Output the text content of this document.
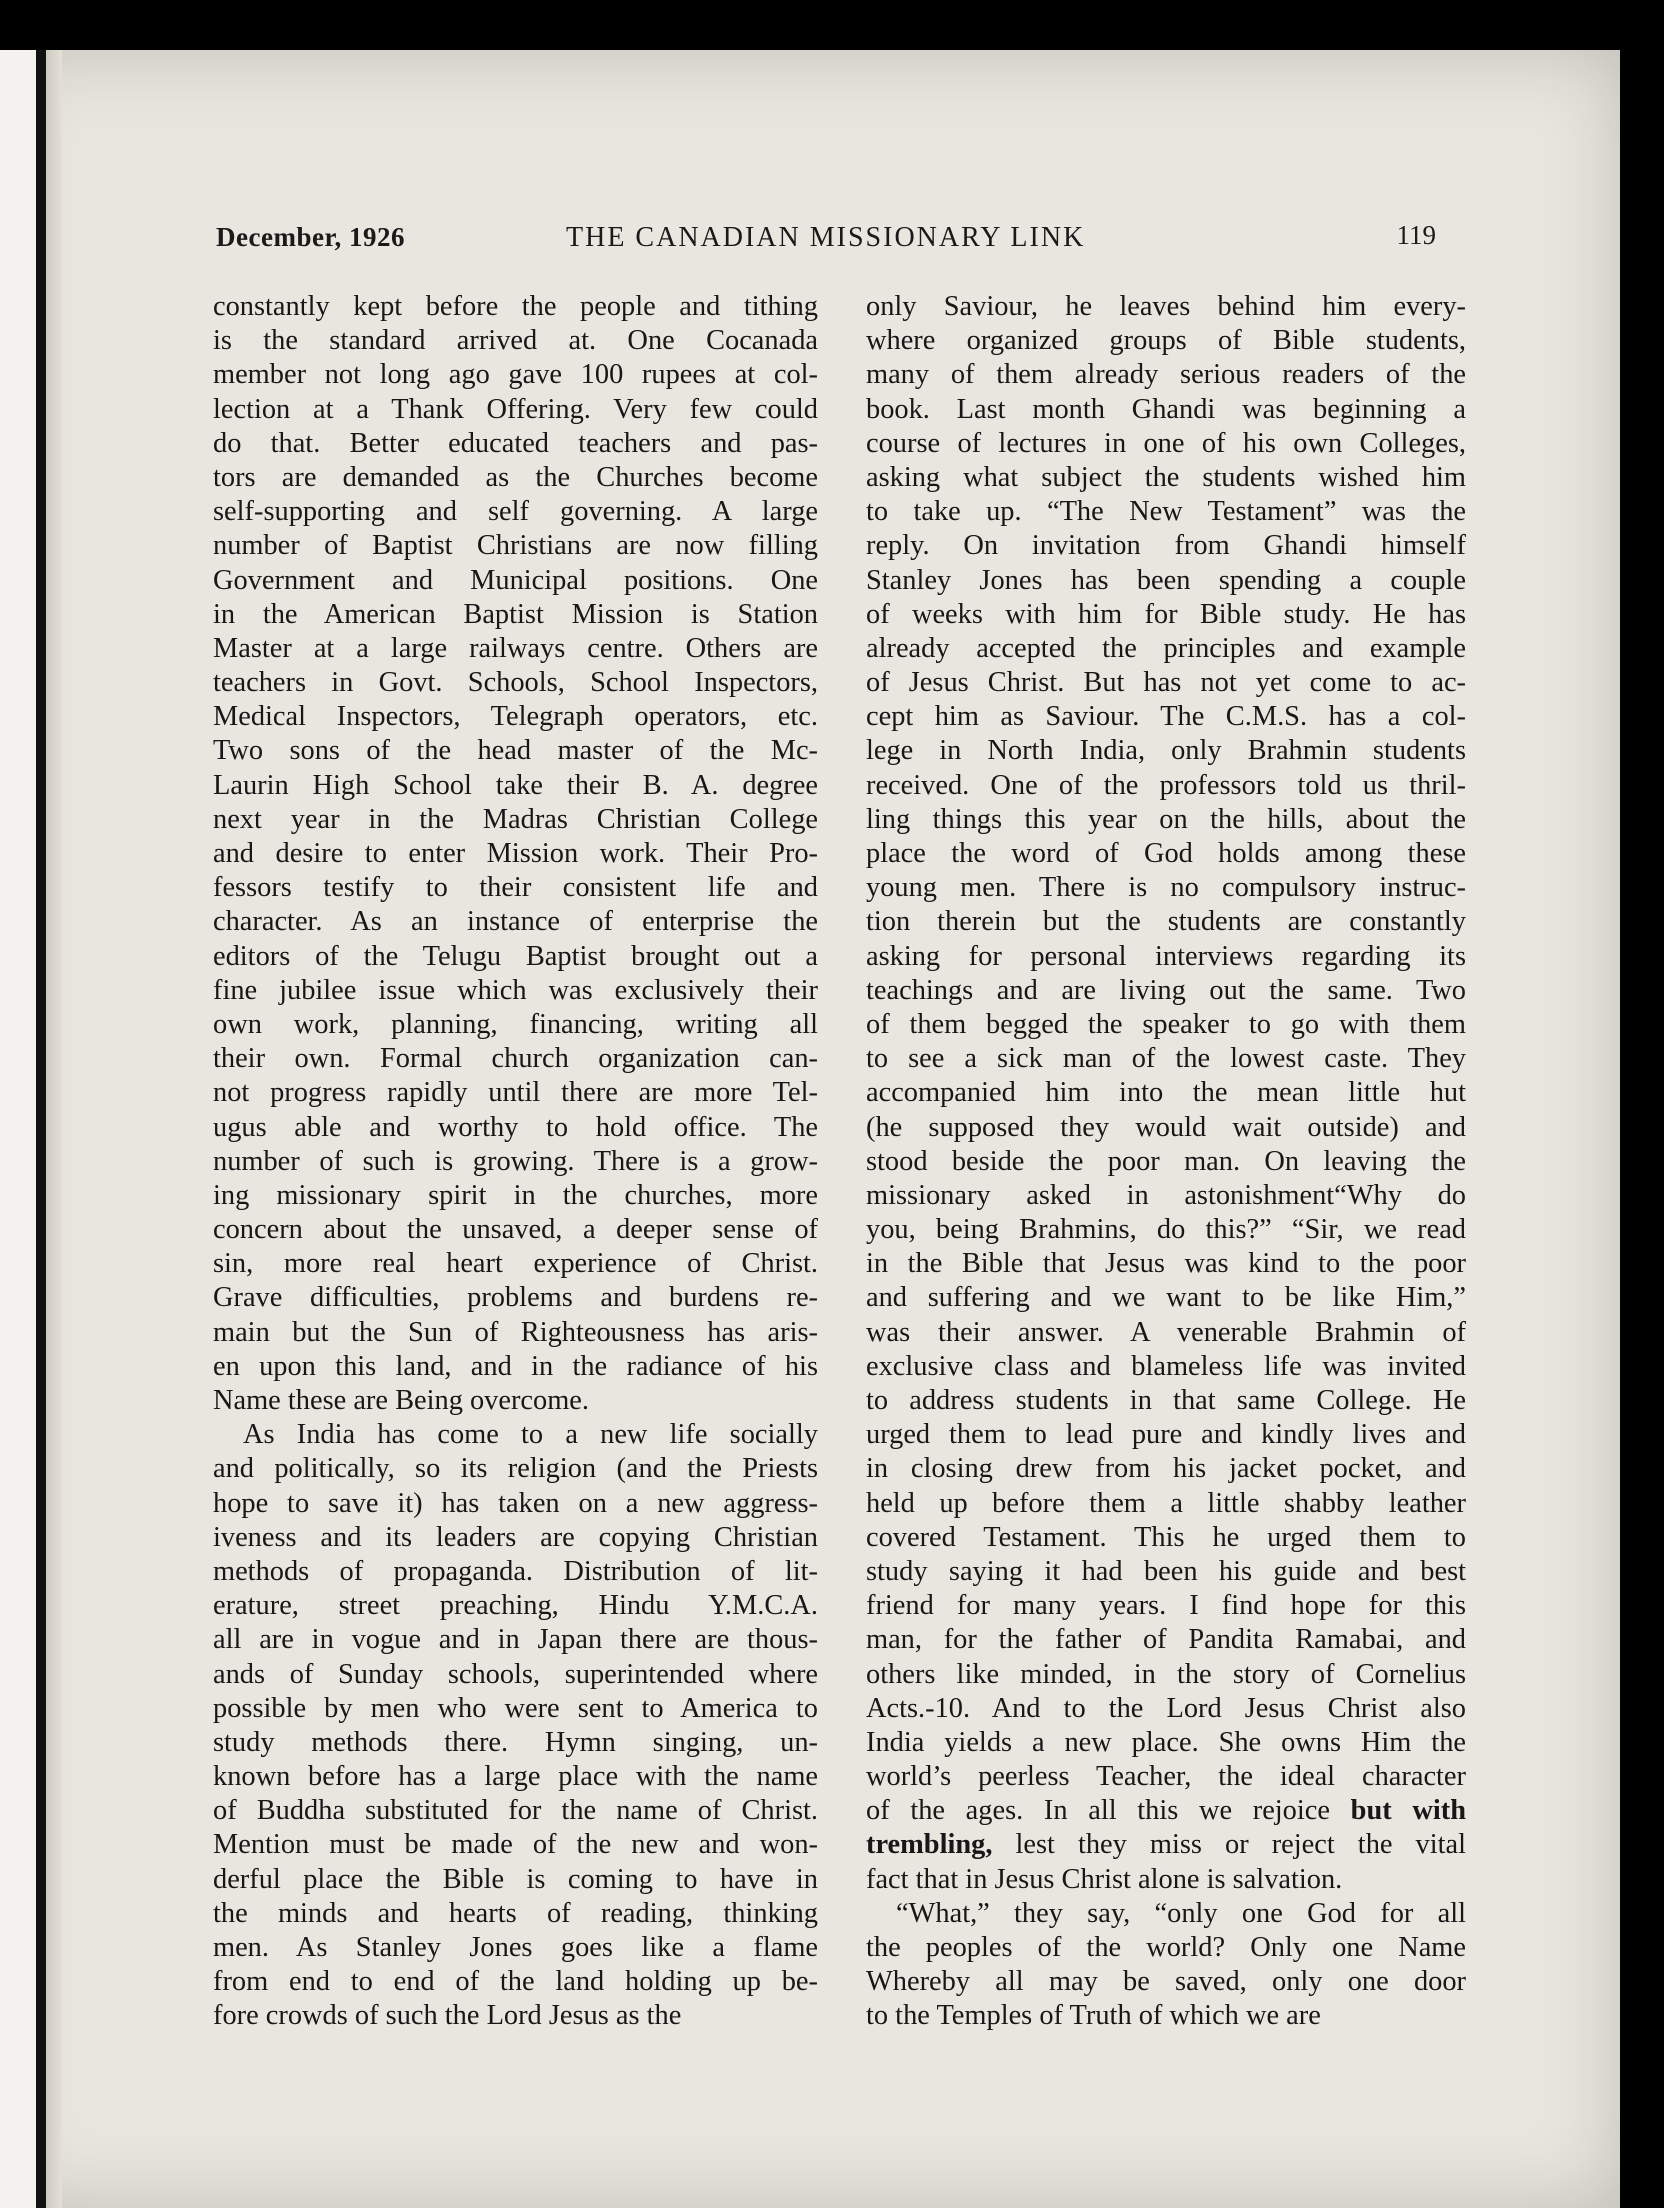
December, 1926	THE CANADIAN MISSIONARY LINK	119
constantly kept before the people and tithing
is the standard arrived at. One Cocanada
member not long ago gave 100 rupees at col-
lection at a Thank Offering. Very few could
do that. Better educated teachers and pas-
tors are demanded as the Churches become
self-supporting and self governing. A large
number of Baptist Christians are now filling
Government and Municipal positions. One
in the American Baptist Mission is Station
Master at a large railways centre. Others are
teachers in Govt. Schools, School Inspectors,
Medical Inspectors, Telegraph operators, etc.
Two sons of the head master of the Mc-
Laurin High School take their B. A. degree
next year in the Madras Christian College
and desire to enter Mission work. Their Pro-
fessors testify to their consistent life and
character. As an instance of enterprise the
editors of the Telugu Baptist brought out a
fine jubilee issue which was exclusively their
own work, planning, financing, writing all
their own. Formal church organization can-
not progress rapidly until there are more Tel-
ugus able and worthy to hold office. The
number of such is growing. There is a grow-
ing missionary spirit in the churches, more
concern about the unsaved, a deeper sense of
sin, more real heart experience of Christ.
Grave difficulties, problems and burdens re-
main but the Sun of Righteousness has aris-
en upon this land, and in the radiance of his
Name these are Being overcome.
As India has come to a new life socially
and politically, so its religion (and the Priests
hope to save it) has taken on a new aggress-
iveness and its leaders are copying Christian
methods of propaganda. Distribution of lit-
erature, street preaching, Hindu Y.M.C.A.
all are in vogue and in Japan there are thous-
ands of Sunday schools, superintended where
possible by men who were sent to America to
study methods there. Hymn singing, un-
known before has a large place with the name
of Buddha substituted for the name of Christ.
Mention must be made of the new and won-
derful place the Bible is coming to have in
the minds and hearts of reading, thinking
men. As Stanley Jones goes like a flame
from end to end of the land holding up be-
fore crowds of such the Lord Jesus as the
only Saviour, he leaves behind him every-
where organized groups of Bible students,
many of them already serious readers of the
book. Last month Ghandi was beginning a
course of lectures in one of his own Colleges,
asking what subject the students wished him
to take up. “The New Testament” was the
reply. On invitation from Ghandi himself
Stanley Jones has been spending a couple
of weeks with him for Bible study. He has
already accepted the principles and example
of Jesus Christ. But has not yet come to ac-
cept him as Saviour. The C.M.S. has a col-
lege in North India, only Brahmin students
received. One of the professors told us thril-
ling things this year on the hills, about the
place the word of God holds among these
young men. There is no compulsory instruc-
tion therein but the students are constantly
asking for personal interviews regarding its
teachings and are living out the same. Two
of them begged the speaker to go with them
to see a sick man of the lowest caste. They
accompanied him into the mean little hut
(he supposed they would wait outside) and
stood beside the poor man. On leaving the
missionary asked in astonishment“Why do
you, being Brahmins, do this?” “Sir, we read
in the Bible that Jesus was kind to the poor
and suffering and we want to be like Him,”
was their answer. A venerable Brahmin of
exclusive class and blameless life was invited
to address students in that same College. He
urged them to lead pure and kindly lives and
in closing drew from his jacket pocket, and
held up before them a little shabby leather
covered Testament. This he urged them to
study saying it had been his guide and best
friend for many years. I find hope for this
man, for the father of Pandita Ramabai, and
others like minded, in the story of Cornelius
Acts.-10. And to the Lord Jesus Christ also
India yields a new place. She owns Him the
world’s peerless Teacher, the ideal character
of the ages. In all this we rejoice but with
trembling, lest they miss or reject the vital
fact that in Jesus Christ alone is salvation.
“What,” they say, “only one God for all
the peoples of the world? Only one Name
Whereby all may be saved, only one door
to the Temples of Truth of which we are
